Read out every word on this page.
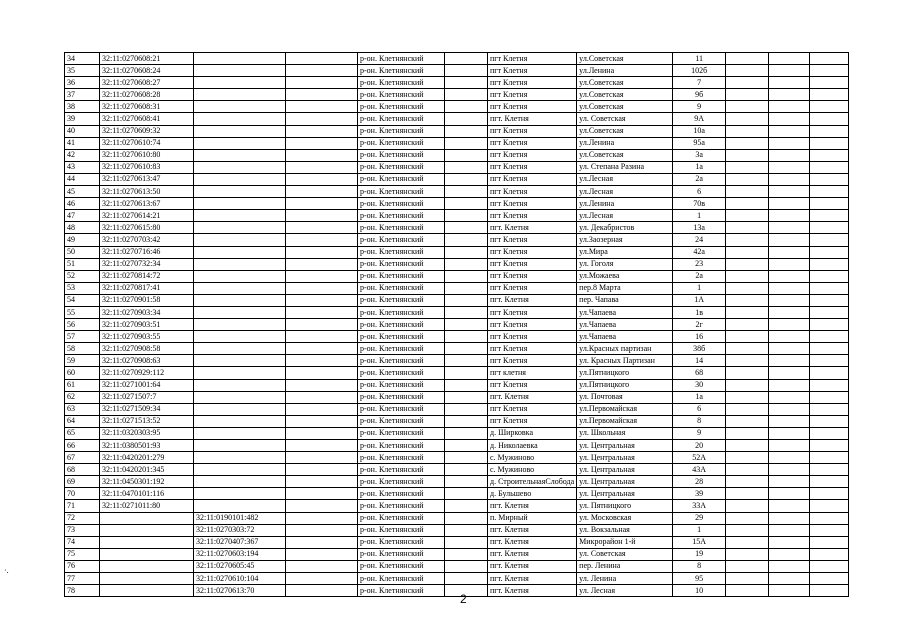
34	32:11:0270608:21			р-он. Клетнянский		пгт Клетня	ул.Советская	11			
35	32:11:0270608:24			р-он. Клетнянский		пгт Клетня	ул.Ленина	102б			
36	32:11:0270608:27			р-он. Клетнянский		пгт Клетня	ул.Советская	7			
37	32:11:0270608:28			р-он. Клетнянский		пгт Клетня	ул.Советская	9б			
38	32:11:0270608:31			р-он. Клетнянский		пгт Клетня	ул.Советская	9			
39	32:11:0270608:41			р-он. Клетнянский		пгт. Клетня	ул. Советская	9А			
40	32:11:0270609:32			р-он. Клетнянский		пгт Клетня	ул.Советская	10а			
41	32:11:0270610:74			р-он. Клетнянский		пгт Клетня	ул.Ленина	95а			
42	32:11:0270610:80			р-он. Клетнянский		пгт Клетня	ул.Советская	3а			
43	32:11:0270610:83			р-он. Клетнянский		пгт Клетня	ул. Степана Разина	1а			
44	32:11:0270613:47			р-он. Клетнянский		пгт Клетня	ул.Лесная	2а			
45	32:11:0270613:50			р-он. Клетнянский		пгт Клетня	ул.Лесная	6			
46	32:11:0270613:67			р-он. Клетнянский		пгт Клетня	ул.Ленина	70в			
47	32:11:0270614:21			р-он. Клетнянский		пгт Клетня	ул.Лесная	1			
48	32:11:0270615:80			р-он. Клетнянский		пгт. Клетня	ул. Декабристов	13а			
49	32:11:0270703:42			р-он. Клетнянский		пгт Клетня	ул.Заозерная	24			
50	32:11:0270716:46			р-он. Клетнянский		пгт Клетня	ул.Мира	42а			
51	32:11:0270732:34			р-он. Клетнянский		пгт Клетня	ул. Гоголя	23			
52	32:11:0270814:72			р-он. Клетнянский		пгт Клетня	ул.Можаева	2а			
53	32:11:0270817:41			р-он. Клетнянский		пгт Клетня	пер.8 Марта	1			
54	32:11:0270901:58			р-он. Клетнянский		пгт. Клетня	пер. Чапава	1А			
55	32:11:0270903:34			р-он. Клетнянский		пгт Клетня	ул.Чапаева	1в			
56	32:11:0270903:51			р-он. Клетнянский		пгт Клетня	ул.Чапаева	2г			
57	32:11:0270903:55			р-он. Клетнянский		пгт Клетня	ул.Чапаева	16			
58	32:11:0270908:58			р-он. Клетнянский		пгт Клетня	ул.Красных партизан	38б			
59	32:11:0270908:63			р-он. Клетнянский		пгт Клетня	ул. Красных Партизан	14			
60	32:11:0270929:112			р-он. Клетнянский		пгт клетня	ул.Пятницкого	68			
61	32:11:0271001:64			р-он. Клетнянский		пгт Клетня	ул.Пятницкого	30			
62	32:11:0271507:7			р-он. Клетнянский		пгт. Клетня	ул. Почтовая	1а			
63	32:11:0271509:34			р-он. Клетнянский		пгт Клетня	ул.Первомайская	6			
64	32:11:0271513:52			р-он. Клетнянский		пгт Клетня	ул.Первомайская	8			
65	32:11:0320303:95			р-он. Клетнянский		д. Ширковка	ул. Школьная	9			
66	32:11:0380501:93			р-он. Клетнянский		д. Николаевка	ул. Центральная	20			
67	32:11:0420201:279			р-он. Клетнянский		с. Мужиново	ул. Центральная	52А			
68	32:11:0420201:345			р-он. Клетнянский		с. Мужиново	ул. Центральная	43А			
69	32:11:0450301:192			р-он. Клетнянский		д. СтроительнаяСлобода	ул. Центральная	28			
70	32:11:0470101:116			р-он. Клетнянский		д. Бульшево	ул. Центральная	39			
71	32:11:0271011:80			р-он. Клетнянский		пгт. Клетня	ул. Пятницкого	33А			
72		32:11:0190101:482		р-он. Клетнянский		п. Мирный	ул. Московская	29			
73		32:11:0270303:72		р-он. Клетнянский		пгт. Клетня	ул. Вокзальная	1			
74		32:11:0270407:367		р-он. Клетнянский		пгт. Клетня	Микрорайон 1-й	15А			
75		32:11:0270603:194		р-он. Клетнянский		пгт. Клетня	ул. Советская	19			
76		32:11:0270605:45		р-он. Клетнянский		пгт. Клетня	пер. Ленина	8			
77		32:11:0270610:104		р-он. Клетнянский		пгт. Клетня	ул. Ленина	95			
78		32:11:0270613:70		р-он. Клетнянский		пгт. Клетня	ул. Лесная	10			
·.
2
